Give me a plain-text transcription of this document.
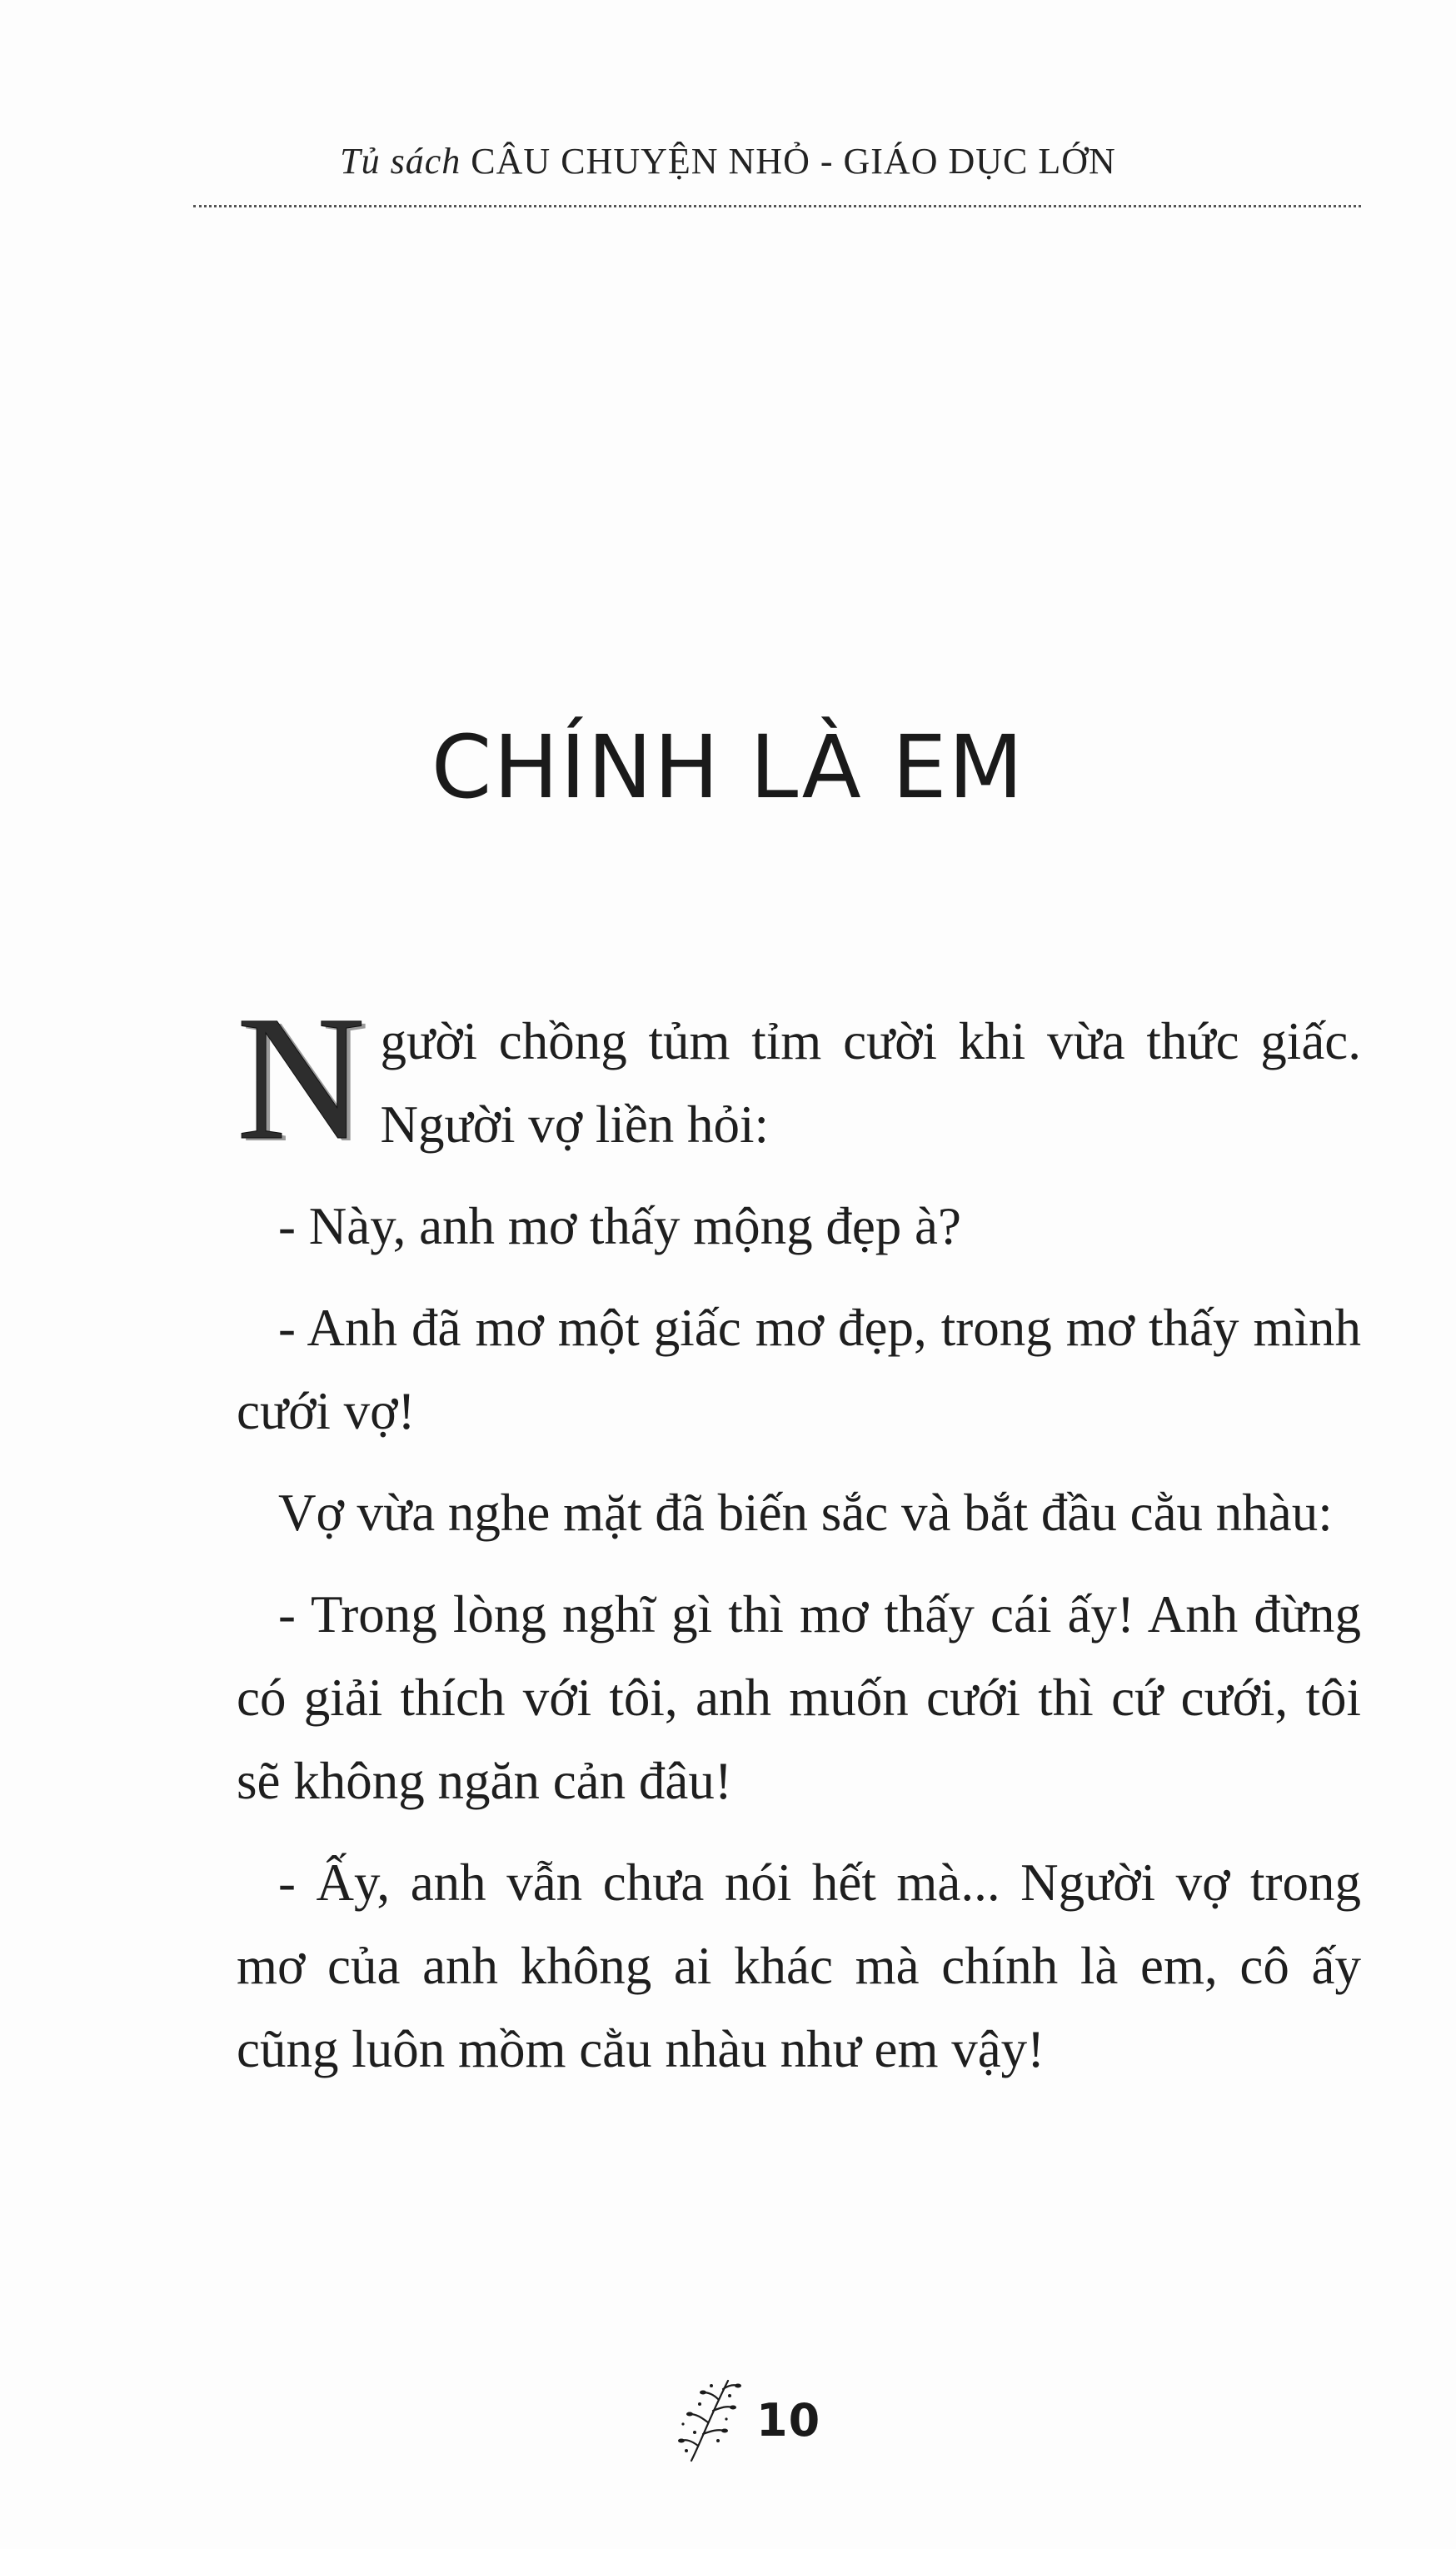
Tủ sách CÂU CHUYỆN NHỎ - GIÁO DỤC LỚN
CHÍNH LÀ EM

Người chồng tủm tỉm cười khi vừa thức giấc. Người vợ liền hỏi:

- Này, anh mơ thấy mộng đẹp à?

- Anh đã mơ một giấc mơ đẹp, trong mơ thấy mình cưới vợ!

Vợ vừa nghe mặt đã biến sắc và bắt đầu cằu nhàu:

- Trong lòng nghĩ gì thì mơ thấy cái ấy! Anh đừng có giải thích với tôi, anh muốn cưới thì cứ cưới, tôi sẽ không ngăn cản đâu!

- Ấy, anh vẫn chưa nói hết mà... Người vợ trong mơ của anh không ai khác mà chính là em, cô ấy cũng luôn mồm cằu nhàu như em vậy!

10
